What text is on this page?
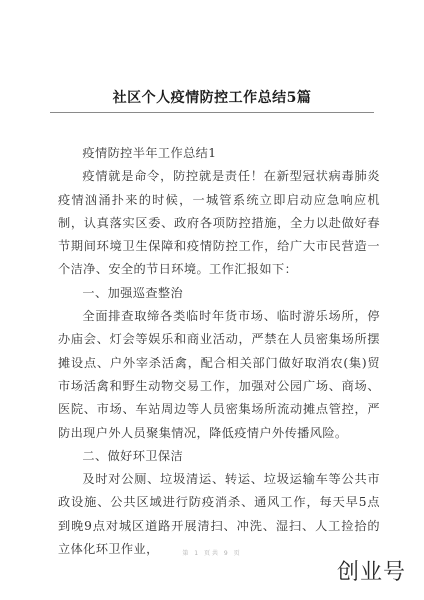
社区个人疫情防控工作总结5篇

疫情防控半年工作总结1

疫情就是命令，防控就是责任！在新型冠状病毒肺炎疫情汹涌扑来的时候，一城管系统立即启动应急响应机制，认真落实区委、政府各项防控措施，全力以赴做好春节期间环境卫生保障和疫情防控工作，给广大市民营造一个洁净、安全的节日环境。工作汇报如下：

一、加强巡查整治

全面排查取缔各类临时年货市场、临时游乐场所，停办庙会、灯会等娱乐和商业活动，严禁在人员密集场所摆摊设点、户外宰杀活禽，配合相关部门做好取消农(集)贸市场活禽和野生动物交易工作，加强对公园广场、商场、医院、市场、车站周边等人员密集场所流动摊点管控，严防出现户外人员聚集情况，降低疫情户外传播风险。

二、做好环卫保洁

及时对公厕、垃圾清运、转运、垃圾运输车等公共市政设施、公共区域进行防疫消杀、通风工作，每天早5点到晚9点对城区道路开展清扫、冲洗、湿扫、人工捡拾的立体化环卫作业，	第 1 页共 9 页
创业号
